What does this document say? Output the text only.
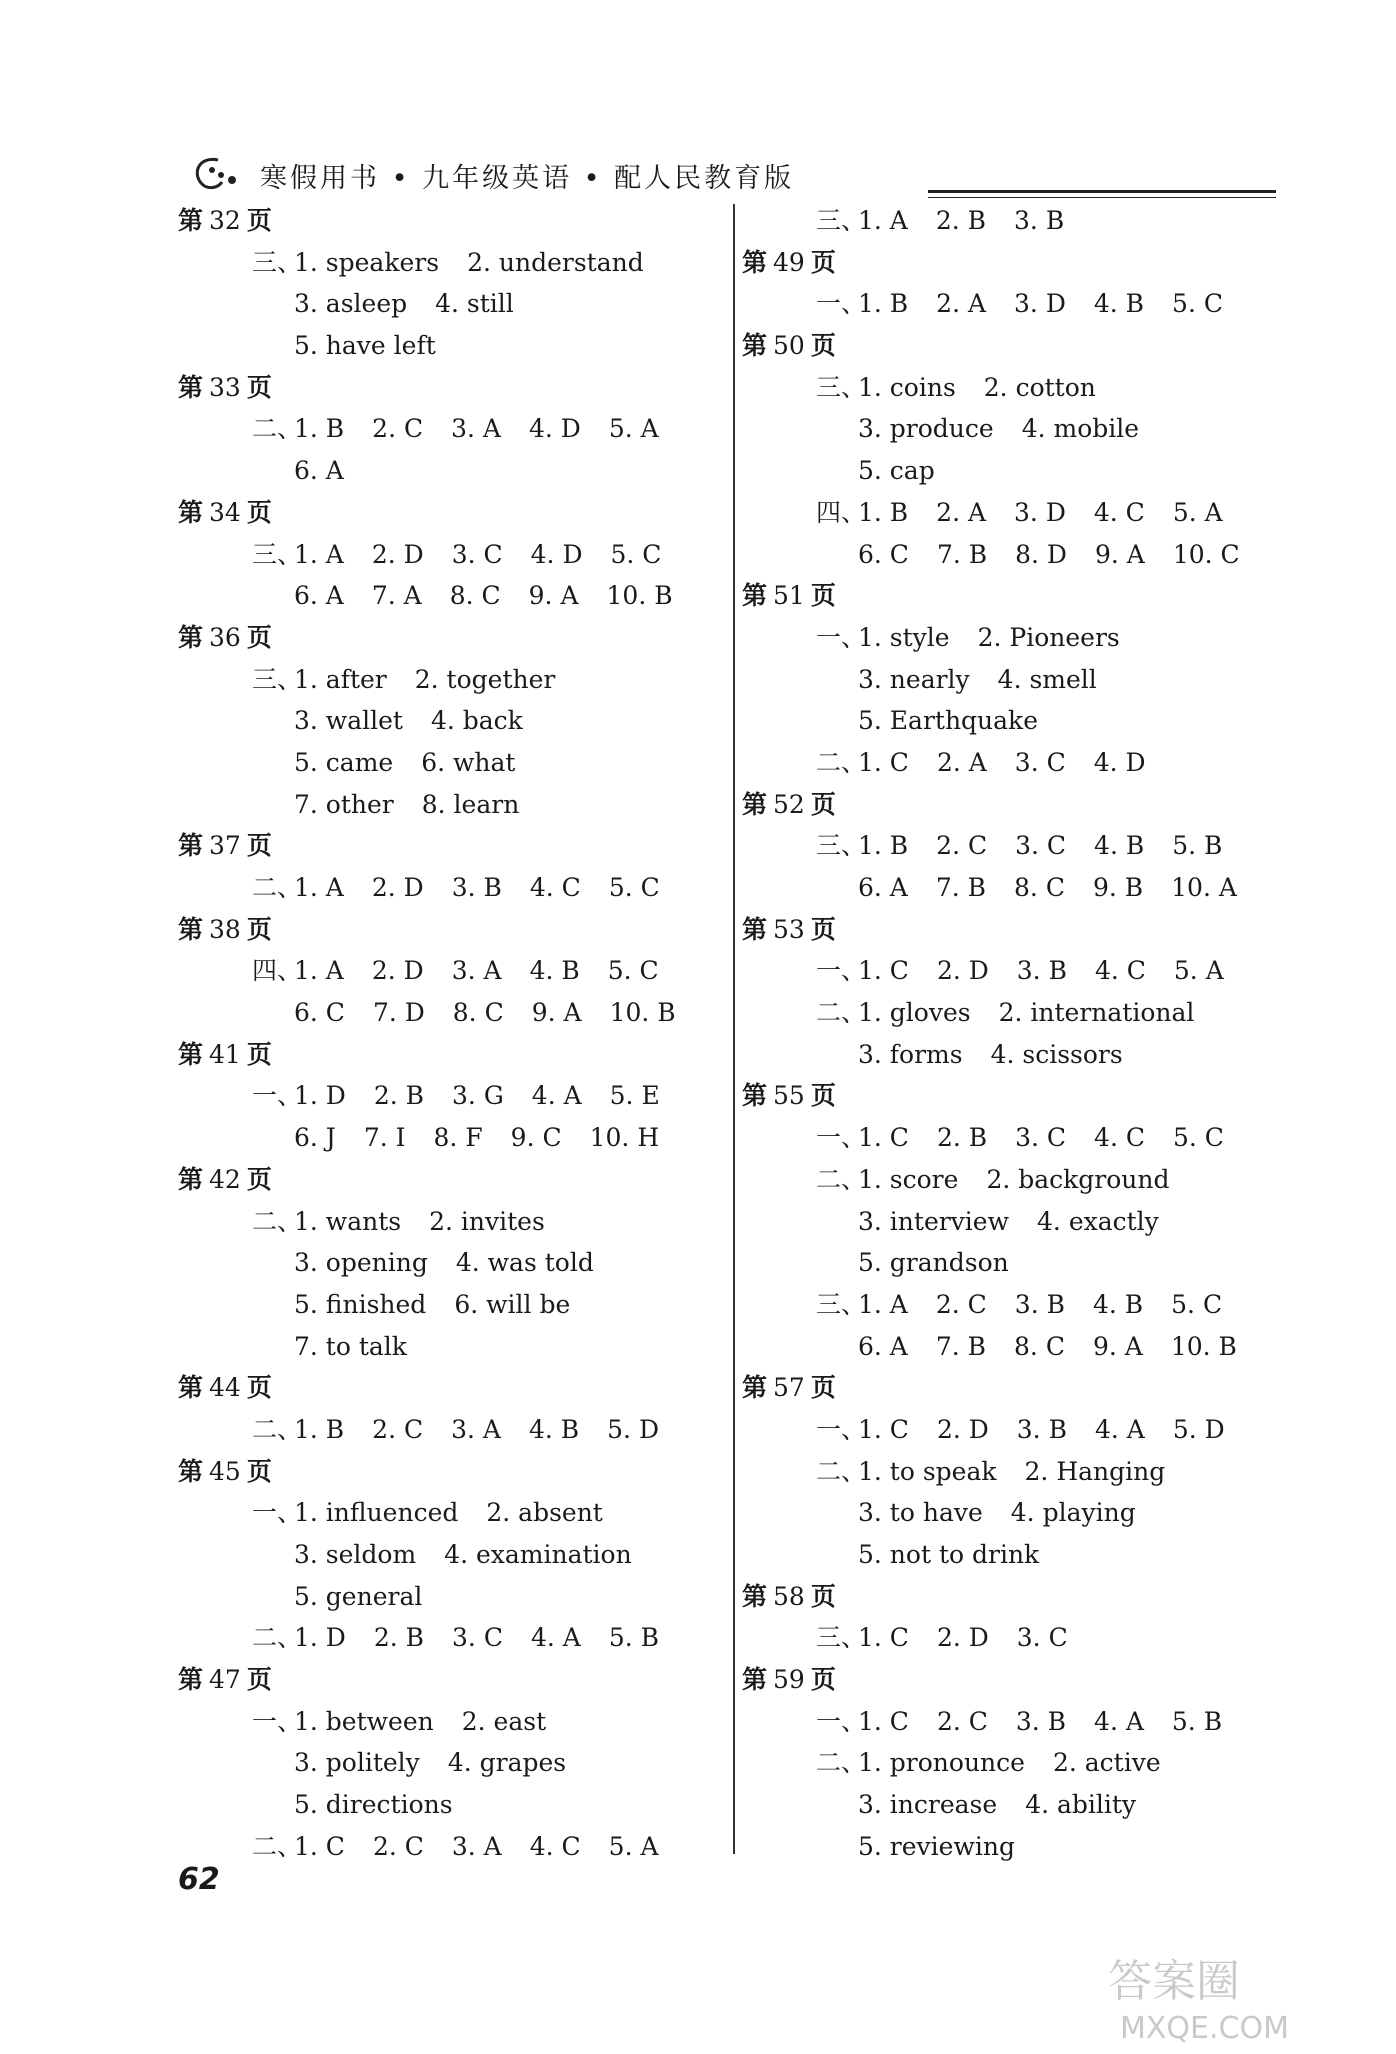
寒假用书 • 九年级英语 • 配人民教育版
第 32 页
三、1. speakers 2. understand
3. asleep 4. still
5. have left
第 33 页
二、1. B 2. C 3. A 4. D 5. A
6. A
第 34 页
三、1. A 2. D 3. C 4. D 5. C
6. A 7. A 8. C 9. A 10. B
第 36 页
三、1. after 2. together
3. wallet 4. back
5. came 6. what
7. other 8. learn
第 37 页
二、1. A 2. D 3. B 4. C 5. C
第 38 页
四、1. A 2. D 3. A 4. B 5. C
6. C 7. D 8. C 9. A 10. B
第 41 页
一、1. D 2. B 3. G 4. A 5. E
6. J 7. I 8. F 9. C 10. H
第 42 页
二、1. wants 2. invites
3. opening 4. was told
5. finished 6. will be
7. to talk
第 44 页
二、1. B 2. C 3. A 4. B 5. D
第 45 页
一、1. influenced 2. absent
3. seldom 4. examination
5. general
二、1. D 2. B 3. C 4. A 5. B
第 47 页
一、1. between 2. east
3. politely 4. grapes
5. directions
二、1. C 2. C 3. A 4. C 5. A
三、1. A 2. B 3. B
第 49 页
一、1. B 2. A 3. D 4. B 5. C
第 50 页
三、1. coins 2. cotton
3. produce 4. mobile
5. cap
四、1. B 2. A 3. D 4. C 5. A
6. C 7. B 8. D 9. A 10. C
第 51 页
一、1. style 2. Pioneers
3. nearly 4. smell
5. Earthquake
二、1. C 2. A 3. C 4. D
第 52 页
三、1. B 2. C 3. C 4. B 5. B
6. A 7. B 8. C 9. B 10. A
第 53 页
一、1. C 2. D 3. B 4. C 5. A
二、1. gloves 2. international
3. forms 4. scissors
第 55 页
一、1. C 2. B 3. C 4. C 5. C
二、1. score 2. background
3. interview 4. exactly
5. grandson
三、1. A 2. C 3. B 4. B 5. C
6. A 7. B 8. C 9. A 10. B
第 57 页
一、1. C 2. D 3. B 4. A 5. D
二、1. to speak 2. Hanging
3. to have 4. playing
5. not to drink
第 58 页
三、1. C 2. D 3. C
第 59 页
一、1. C 2. C 3. B 4. A 5. B
二、1. pronounce 2. active
3. increase 4. ability
5. reviewing
62
答案圈
MXQE.COM
